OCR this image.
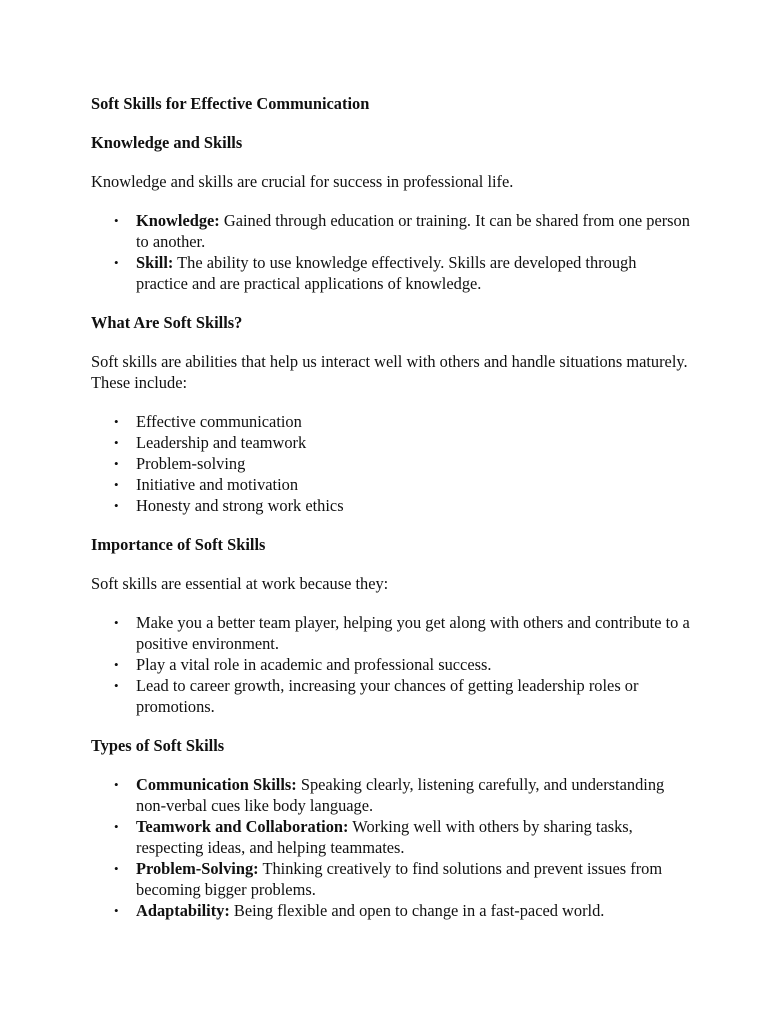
Soft Skills for Effective Communication

Knowledge and Skills

Knowledge and skills are crucial for success in professional life.

• Knowledge: Gained through education or training. It can be shared from one person to another.
• Skill: The ability to use knowledge effectively. Skills are developed through practice and are practical applications of knowledge.

What Are Soft Skills?

Soft skills are abilities that help us interact well with others and handle situations maturely. These include:

• Effective communication
• Leadership and teamwork
• Problem-solving
• Initiative and motivation
• Honesty and strong work ethics

Importance of Soft Skills

Soft skills are essential at work because they:

• Make you a better team player, helping you get along with others and contribute to a positive environment.
• Play a vital role in academic and professional success.
• Lead to career growth, increasing your chances of getting leadership roles or promotions.

Types of Soft Skills

• Communication Skills: Speaking clearly, listening carefully, and understanding non-verbal cues like body language.
• Teamwork and Collaboration: Working well with others by sharing tasks, respecting ideas, and helping teammates.
• Problem-Solving: Thinking creatively to find solutions and prevent issues from becoming bigger problems.
• Adaptability: Being flexible and open to change in a fast-paced world.
